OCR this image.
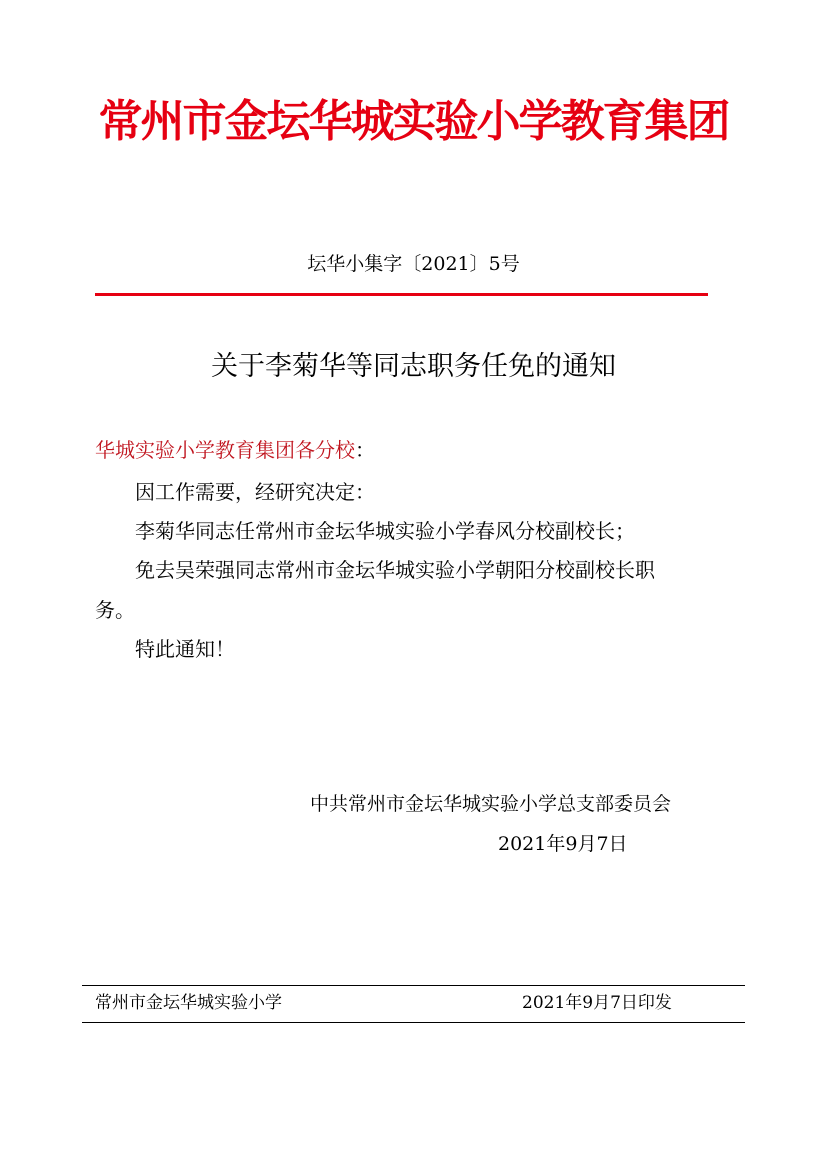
常州市金坛华城实验小学教育集团
坛华小集字〔2021〕5号
关于李菊华等同志职务任免的通知
华城实验小学教育集团各分校：
因工作需要，经研究决定：
李菊华同志任常州市金坛华城实验小学春风分校副校长；
免去吴荣强同志常州市金坛华城实验小学朝阳分校副校长职
务。
特此通知！
中共常州市金坛华城实验小学总支部委员会
2021年9月7日
常州市金坛华城实验小学	2021年9月7日印发
